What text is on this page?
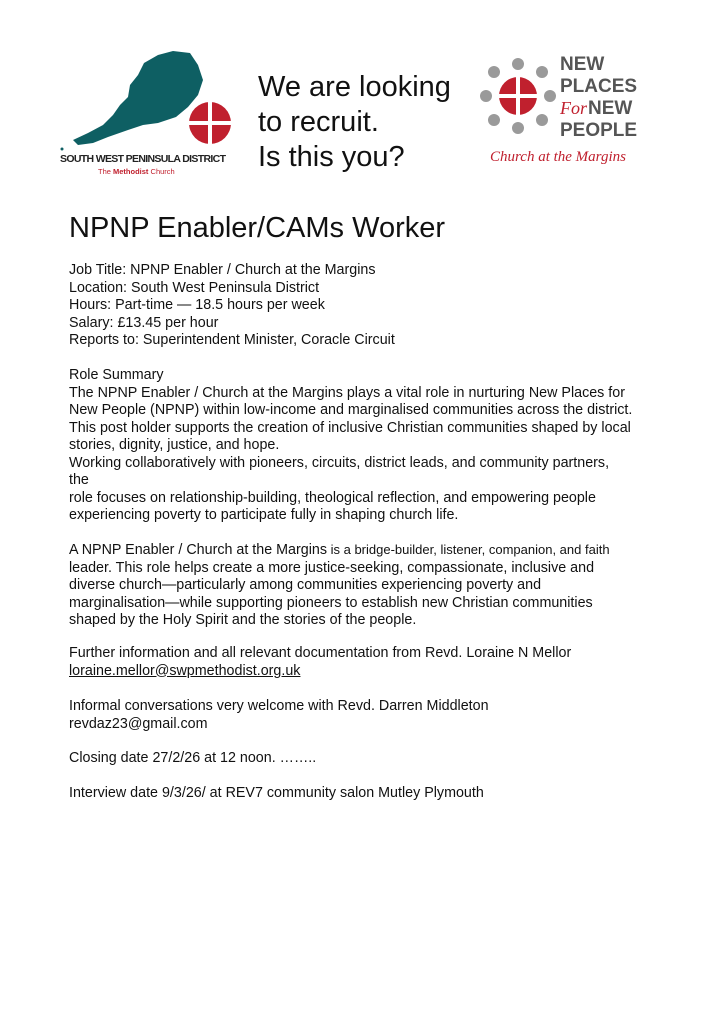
SOUTH WEST PENINSULA DISTRICT
The Methodist Church
We are looking
to recruit.
Is this you?
NEW
PLACES
NEW
PEOPLE
For
Church at the Margins
NPNP Enabler/CAMs Worker
Job Title: NPNP Enabler / Church at the Margins
Location: South West Peninsula District
Hours: Part-time — 18.5 hours per week
Salary: £13.45 per hour
Reports to: Superintendent Minister, Coracle Circuit
Role Summary
The NPNP Enabler / Church at the Margins plays a vital role in nurturing New Places for
New People (NPNP) within low-income and marginalised communities across the district.
This post holder supports the creation of inclusive Christian communities shaped by local
stories, dignity, justice, and hope.
Working collaboratively with pioneers, circuits, district leads, and community partners,
the
role focuses on relationship-building, theological reflection, and empowering people
experiencing poverty to participate fully in shaping church life.
A NPNP Enabler / Church at the Margins is a bridge-builder, listener, companion, and faith
leader. This role helps create a more justice-seeking, compassionate, inclusive and
diverse church—particularly among communities experiencing poverty and
marginalisation—while supporting pioneers to establish new Christian communities
shaped by the Holy Spirit and the stories of the people.
Further information and all relevant documentation from Revd. Loraine N Mellor
loraine.mellor@swpmethodist.org.uk
Informal conversations very welcome with Revd. Darren Middleton
revdaz23@gmail.com
Closing date 27/2/26 at 12 noon. ……..
Interview date 9/3/26/ at REV7 community salon Mutley Plymouth
